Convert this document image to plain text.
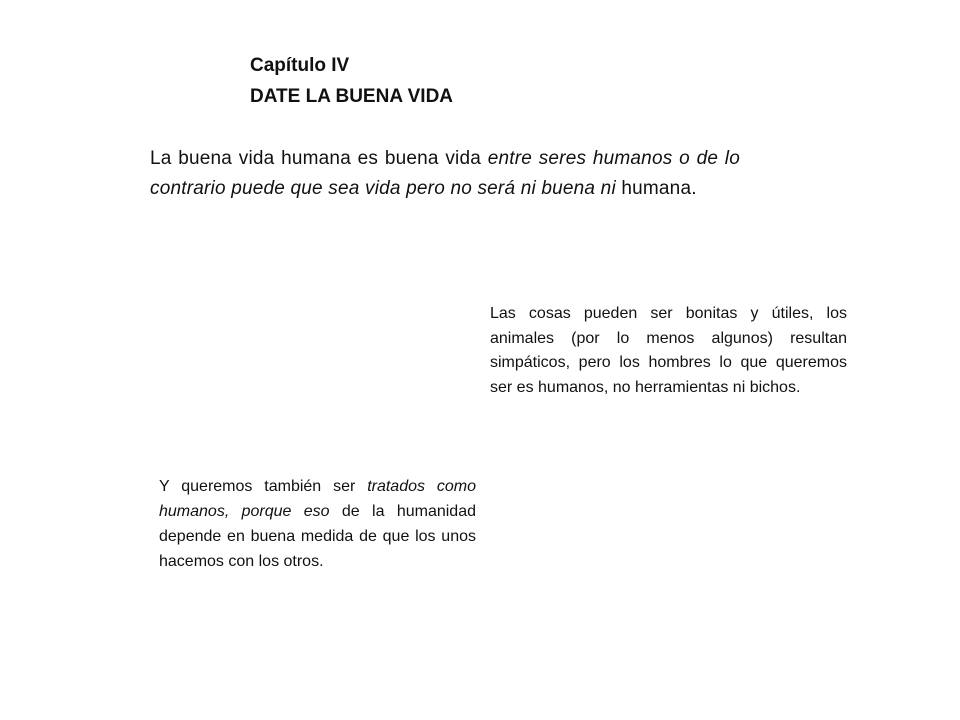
Capítulo IV
DATE LA BUENA VIDA

La buena vida humana es buena vida entre seres humanos o de lo contrario puede que sea vida pero no será ni buena ni humana.

Las cosas pueden ser bonitas y útiles, los animales (por lo menos algunos) resultan simpáticos, pero los hombres lo que queremos ser es humanos, no herramientas ni bichos.

Y queremos también ser tratados como humanos, porque eso de la humanidad depende en buena medida de que los unos hacemos con los otros.
